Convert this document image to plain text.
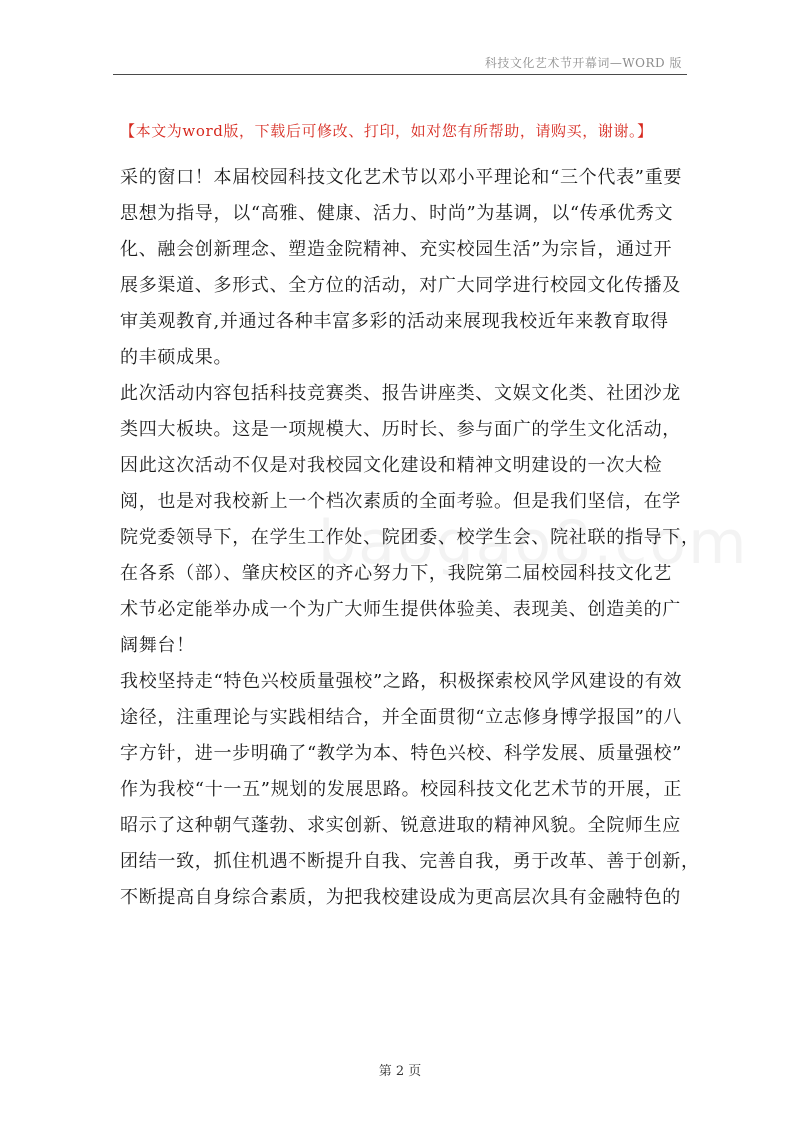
科技文化艺术节开幕词—WORD 版
【本文为word版，下载后可修改、打印，如对您有所帮助，请购买，谢谢。】

采的窗口！本届校园科技文化艺术节以邓小平理论和“三个代表”重要
思想为指导，以“高雅、健康、活力、时尚”为基调，以“传承优秀文
化、融会创新理念、塑造金院精神、充实校园生活”为宗旨，通过开
展多渠道、多形式、全方位的活动，对广大同学进行校园文化传播及
审美观教育,并通过各种丰富多彩的活动来展现我校近年来教育取得
的丰硕成果。

此次活动内容包括科技竞赛类、报告讲座类、文娱文化类、社团沙龙
类四大板块。这是一项规模大、历时长、参与面广的学生文化活动，
因此这次活动不仅是对我校园文化建设和精神文明建设的一次大检
阅，也是对我校新上一个档次素质的全面考验。但是我们坚信，在学
院党委领导下，在学生工作处、院团委、校学生会、院社联的指导下，
在各系（部）、肇庆校区的齐心努力下，我院第二届校园科技文化艺
术节必定能举办成一个为广大师生提供体验美、表现美、创造美的广
阔舞台！

我校坚持走“特色兴校质量强校”之路，积极探索校风学风建设的有效
途径，注重理论与实践相结合，并全面贯彻“立志修身博学报国”的八
字方针，进一步明确了“教学为本、特色兴校、科学发展、质量强校”
作为我校“十一五”规划的发展思路。校园科技文化艺术节的开展，正
昭示了这种朝气蓬勃、求实创新、锐意进取的精神风貌。全院师生应
团结一致，抓住机遇不断提升自我、完善自我，勇于改革、善于创新，
不断提高自身综合素质，为把我校建设成为更高层次具有金融特色的

第 2 页
